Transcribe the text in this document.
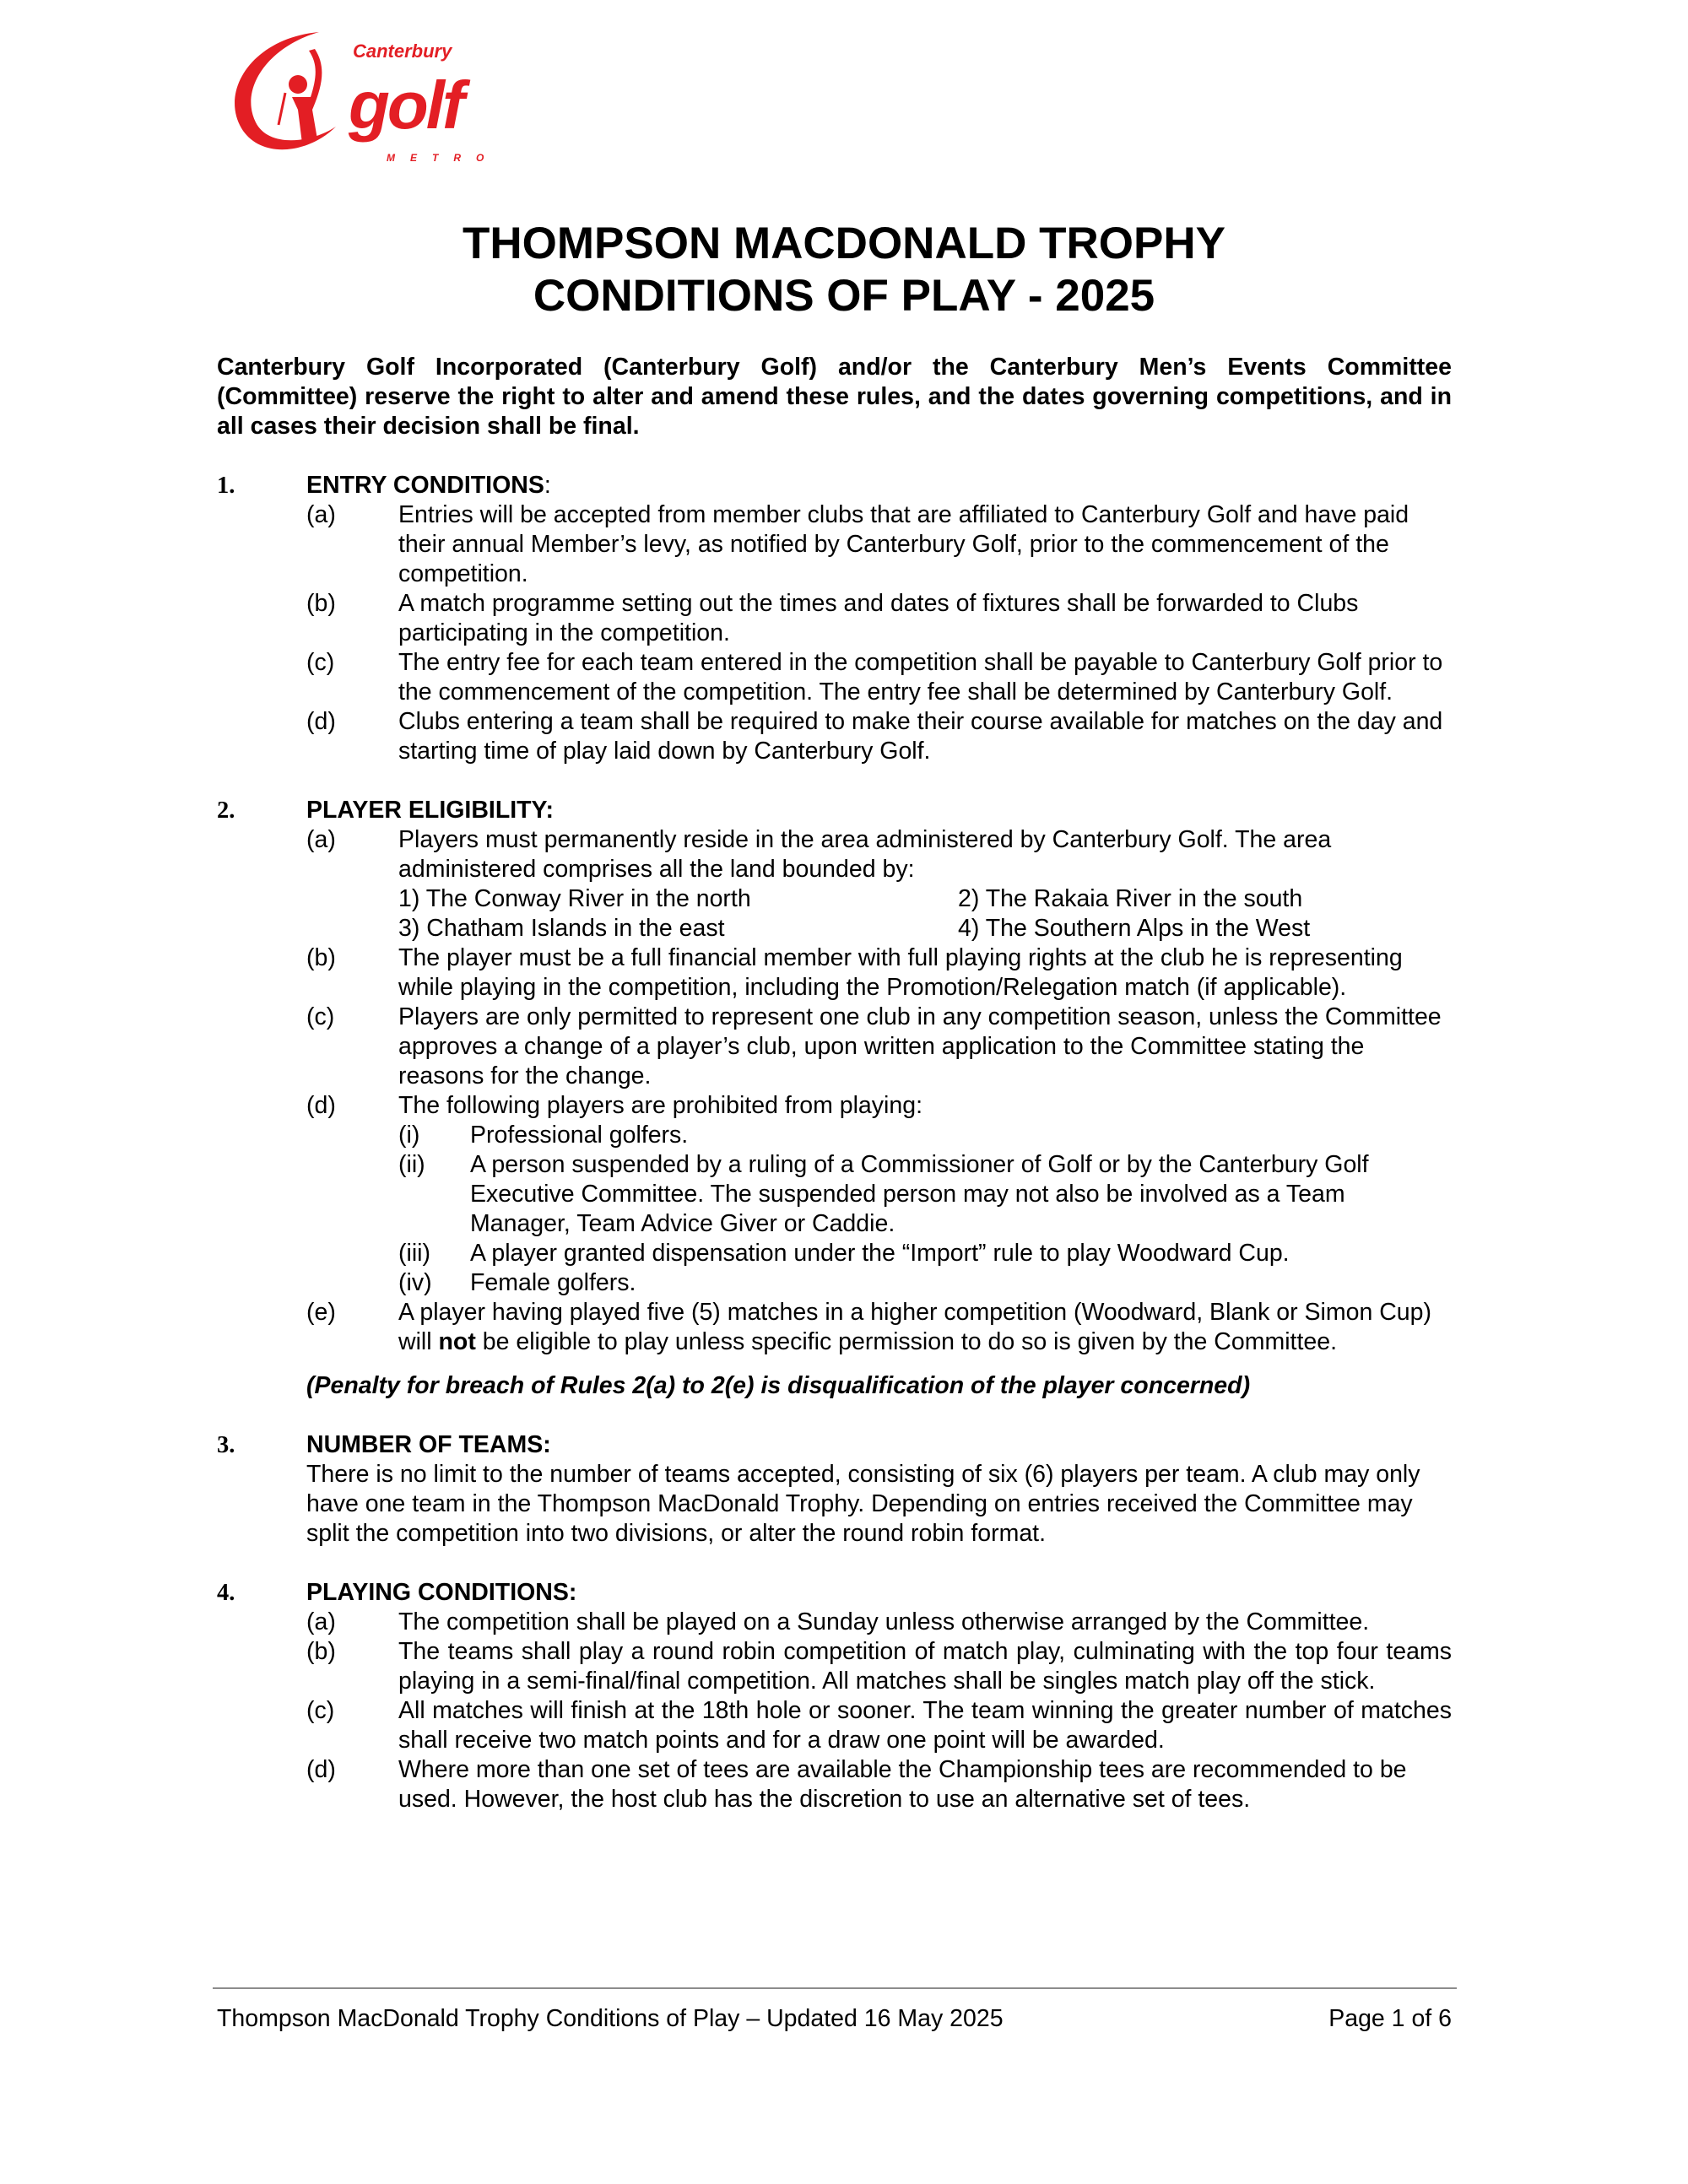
Canterbury
golf
METRO
THOMPSON MACDONALD TROPHY
CONDITIONS OF PLAY - 2025
Canterbury Golf Incorporated (Canterbury Golf) and/or the Canterbury Men’s Events Committee (Committee) reserve the right to alter and amend these rules, and the dates governing competitions, and in all cases their decision shall be final.
1.	ENTRY CONDITIONS:
(a)	Entries will be accepted from member clubs that are affiliated to Canterbury Golf and have paid their annual Member’s levy, as notified by Canterbury Golf, prior to the commencement of the competition.
(b)	A match programme setting out the times and dates of fixtures shall be forwarded to Clubs participating in the competition.
(c)	The entry fee for each team entered in the competition shall be payable to Canterbury Golf prior to the commencement of the competition. The entry fee shall be determined by Canterbury Golf.
(d)	Clubs entering a team shall be required to make their course available for matches on the day and starting time of play laid down by Canterbury Golf.
2.	PLAYER ELIGIBILITY:
(a)	Players must permanently reside in the area administered by Canterbury Golf. The area administered comprises all the land bounded by:
1) The Conway River in the north	2) The Rakaia River in the south
3) Chatham Islands in the east	4) The Southern Alps in the West
(b)	The player must be a full financial member with full playing rights at the club he is representing while playing in the competition, including the Promotion/Relegation match (if applicable).
(c)	Players are only permitted to represent one club in any competition season, unless the Committee approves a change of a player’s club, upon written application to the Committee stating the reasons for the change.
(d)	The following players are prohibited from playing:
(i) Professional golfers.
(ii) A person suspended by a ruling of a Commissioner of Golf or by the Canterbury Golf Executive Committee. The suspended person may not also be involved as a Team Manager, Team Advice Giver or Caddie.
(iii) A player granted dispensation under the “Import” rule to play Woodward Cup.
(iv) Female golfers.
(e)	A player having played five (5) matches in a higher competition (Woodward, Blank or Simon Cup) will not be eligible to play unless specific permission to do so is given by the Committee.
(Penalty for breach of Rules 2(a) to 2(e) is disqualification of the player concerned)
3.	NUMBER OF TEAMS:
There is no limit to the number of teams accepted, consisting of six (6) players per team. A club may only have one team in the Thompson MacDonald Trophy. Depending on entries received the Committee may split the competition into two divisions, or alter the round robin format.
4.	PLAYING CONDITIONS:
(a)	The competition shall be played on a Sunday unless otherwise arranged by the Committee.
(b)	The teams shall play a round robin competition of match play, culminating with the top four teams playing in a semi-final/final competition. All matches shall be singles match play off the stick.
(c)	All matches will finish at the 18th hole or sooner. The team winning the greater number of matches shall receive two match points and for a draw one point will be awarded.
(d)	Where more than one set of tees are available the Championship tees are recommended to be used. However, the host club has the discretion to use an alternative set of tees.
Thompson MacDonald Trophy Conditions of Play – Updated 16 May 2025	Page 1 of 6
